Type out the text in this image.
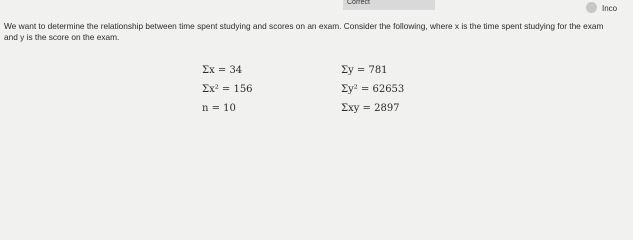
Correct
Inco
We want to determine the relationship between time spent studying and scores on an exam. Consider the following, where x is the time spent studying for the exam
and y is the score on the exam.
Σx = 34	Σy = 781
Σx² = 156	Σy² = 62653
n = 10	Σxy = 2897
